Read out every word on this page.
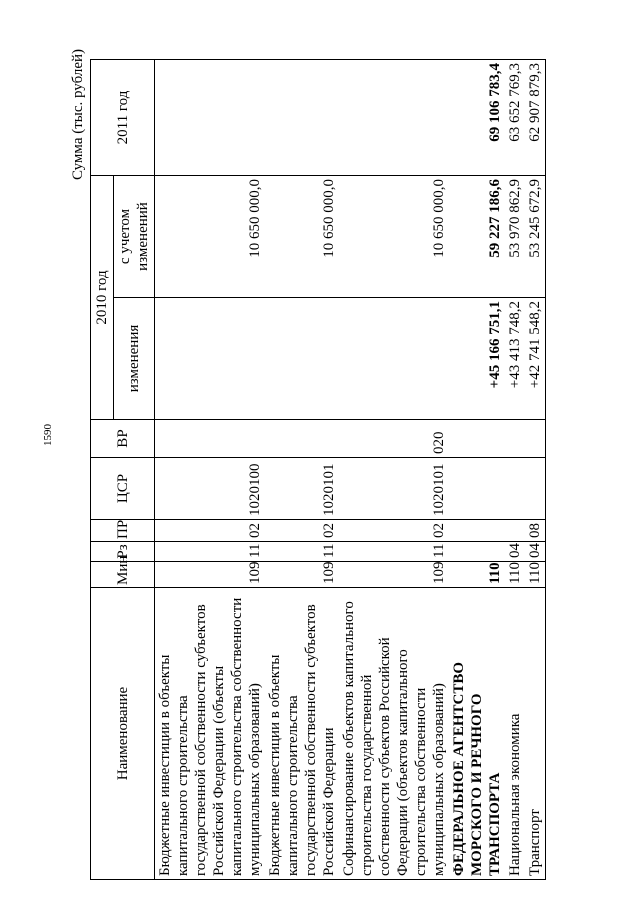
1590
Сумма (тыс. рублей)
Наименование	Мин	Рз	ПР	ЦСР	ВР	2010 год		2011 год
						изменения	с учетом изменений	
Бюджетные инвестиции в объекты капитального строительства государственной собственности субъектов Российской Федерации (объекты капитального строительства собственности муниципальных образований)	109	11	02	1020100			10 650 000,0	
Бюджетные инвестиции в объекты капитального строительства государственной собственности субъектов Российской Федерации	109	11	02	1020101			10 650 000,0	
Софинансирование объектов капитального строительства государственной собственности субъектов Российской Федерации (объектов капитального строительства собственности муниципальных образований)	109	11	02	1020101	020		10 650 000,0	
ФЕДЕРАЛЬНОЕ АГЕНТСТВО МОРСКОГО И РЕЧНОГО ТРАНСПОРТА	110					+45 166 751,1	59 227 186,6	69 106 783,4
Национальная экономика	110	04				+43 413 748,2	53 970 862,9	63 652 769,3
Транспорт	110	04	08			+42 741 548,2	53 245 672,9	62 907 879,3
